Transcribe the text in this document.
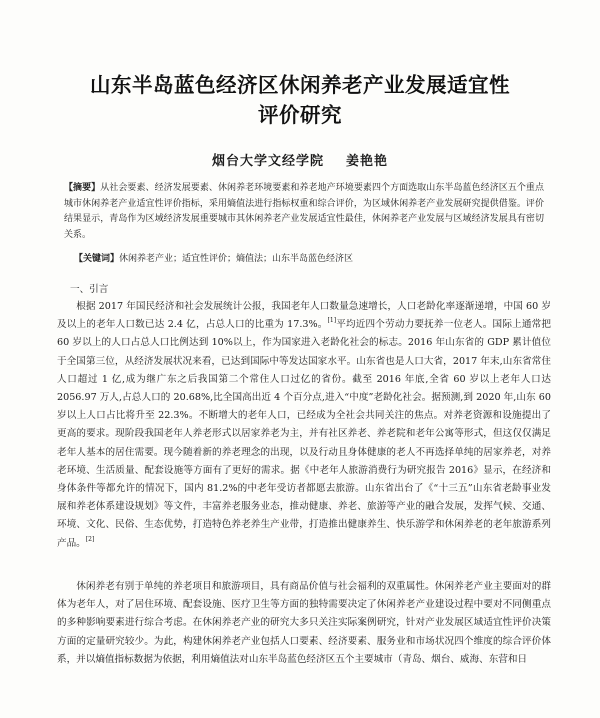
山东半岛蓝色经济区休闲养老产业发展适宜性
评价研究
烟台大学文经学院 姜艳艳
【摘要】从社会要素、经济发展要素、休闲养老环境要素和养老地产环境要素四个方面选取山东半岛蓝色经济区五个重点城市休闲养老产业适宜性评价指标，采用熵值法进行指标权重和综合评价，为区域休闲养老产业发展研究提供借鉴。评价结果显示，青岛作为区域经济发展重要城市其休闲养老产业发展适宜性最佳，休闲养老产业发展与区域经济发展具有密切关系。
【关键词】休闲养老产业；适宜性评价；熵值法；山东半岛蓝色经济区
一、引言

根据 2017 年国民经济和社会发展统计公报，我国老年人口数量急速增长，人口老龄化率逐渐递增，中国 60 岁及以上的老年人口数已达 2.4 亿，占总人口的比重为 17.3%。[1]平均近四个劳动力要抚养一位老人。国际上通常把 60 岁以上的人口占总人口比例达到 10%以上，作为国家进入老龄化社会的标志。2016 年山东省的 GDP 累计值位于全国第三位，从经济发展状况来看，已达到国际中等发达国家水平。山东省也是人口大省，2017 年末,山东省常住人口超过 1 亿,成为继广东之后我国第二个常住人口过亿的省份。截至 2016 年底,全省 60 岁以上老年人口达 2056.97 万人,占总人口的 20.68%,比全国高出近 4 个百分点,进入“中度”老龄化社会。据预测,到 2020 年,山东 60 岁以上人口占比将升至 22.3%。不断增大的老年人口，已经成为全社会共同关注的焦点。对养老资源和设施提出了更高的要求。现阶段我国老年人养老形式以居家养老为主，并有社区养老、养老院和老年公寓等形式，但这仅仅满足老年人基本的居住需要。现今随着新的养老理念的出现，以及行动且身体健康的老人不再选择单纯的居家养老，对养老环境、生活质量、配套设施等方面有了更好的需求。据《中老年人旅游消费行为研究报告 2016》显示，在经济和身体条件等都允许的情况下，国内 81.2%的中老年受访者都愿去旅游。山东省出台了《“十三五”山东省老龄事业发展和养老体系建设规划》等文件，丰富养老服务业态，推动健康、养老、旅游等产业的融合发展，发挥气候、交通、环境、文化、民俗、生态优势，打造特色养老养生产业带，打造推出健康养生、快乐游学和休闲养老的老年旅游系列产品。[2]

休闲养老有别于单纯的养老项目和旅游项目，具有商品价值与社会福利的双重属性。休闲养老产业主要面对的群体为老年人，对了居住环境、配套设施、医疗卫生等方面的独特需要决定了休闲养老产业建设过程中要对不同侧重点的多种影响要素进行综合考虑。在休闲养老产业的研究大多只关注实际案例研究，针对产业发展区域适宜性评价决策方面的定量研究较少。为此，构建休闲养老产业包括人口要素、经济要素、服务业和市场状况四个维度的综合评价体系，并以熵值指标数据为依据，利用熵值法对山东半岛蓝色经济区五个主要城市（青岛、烟台、威海、东营和日
